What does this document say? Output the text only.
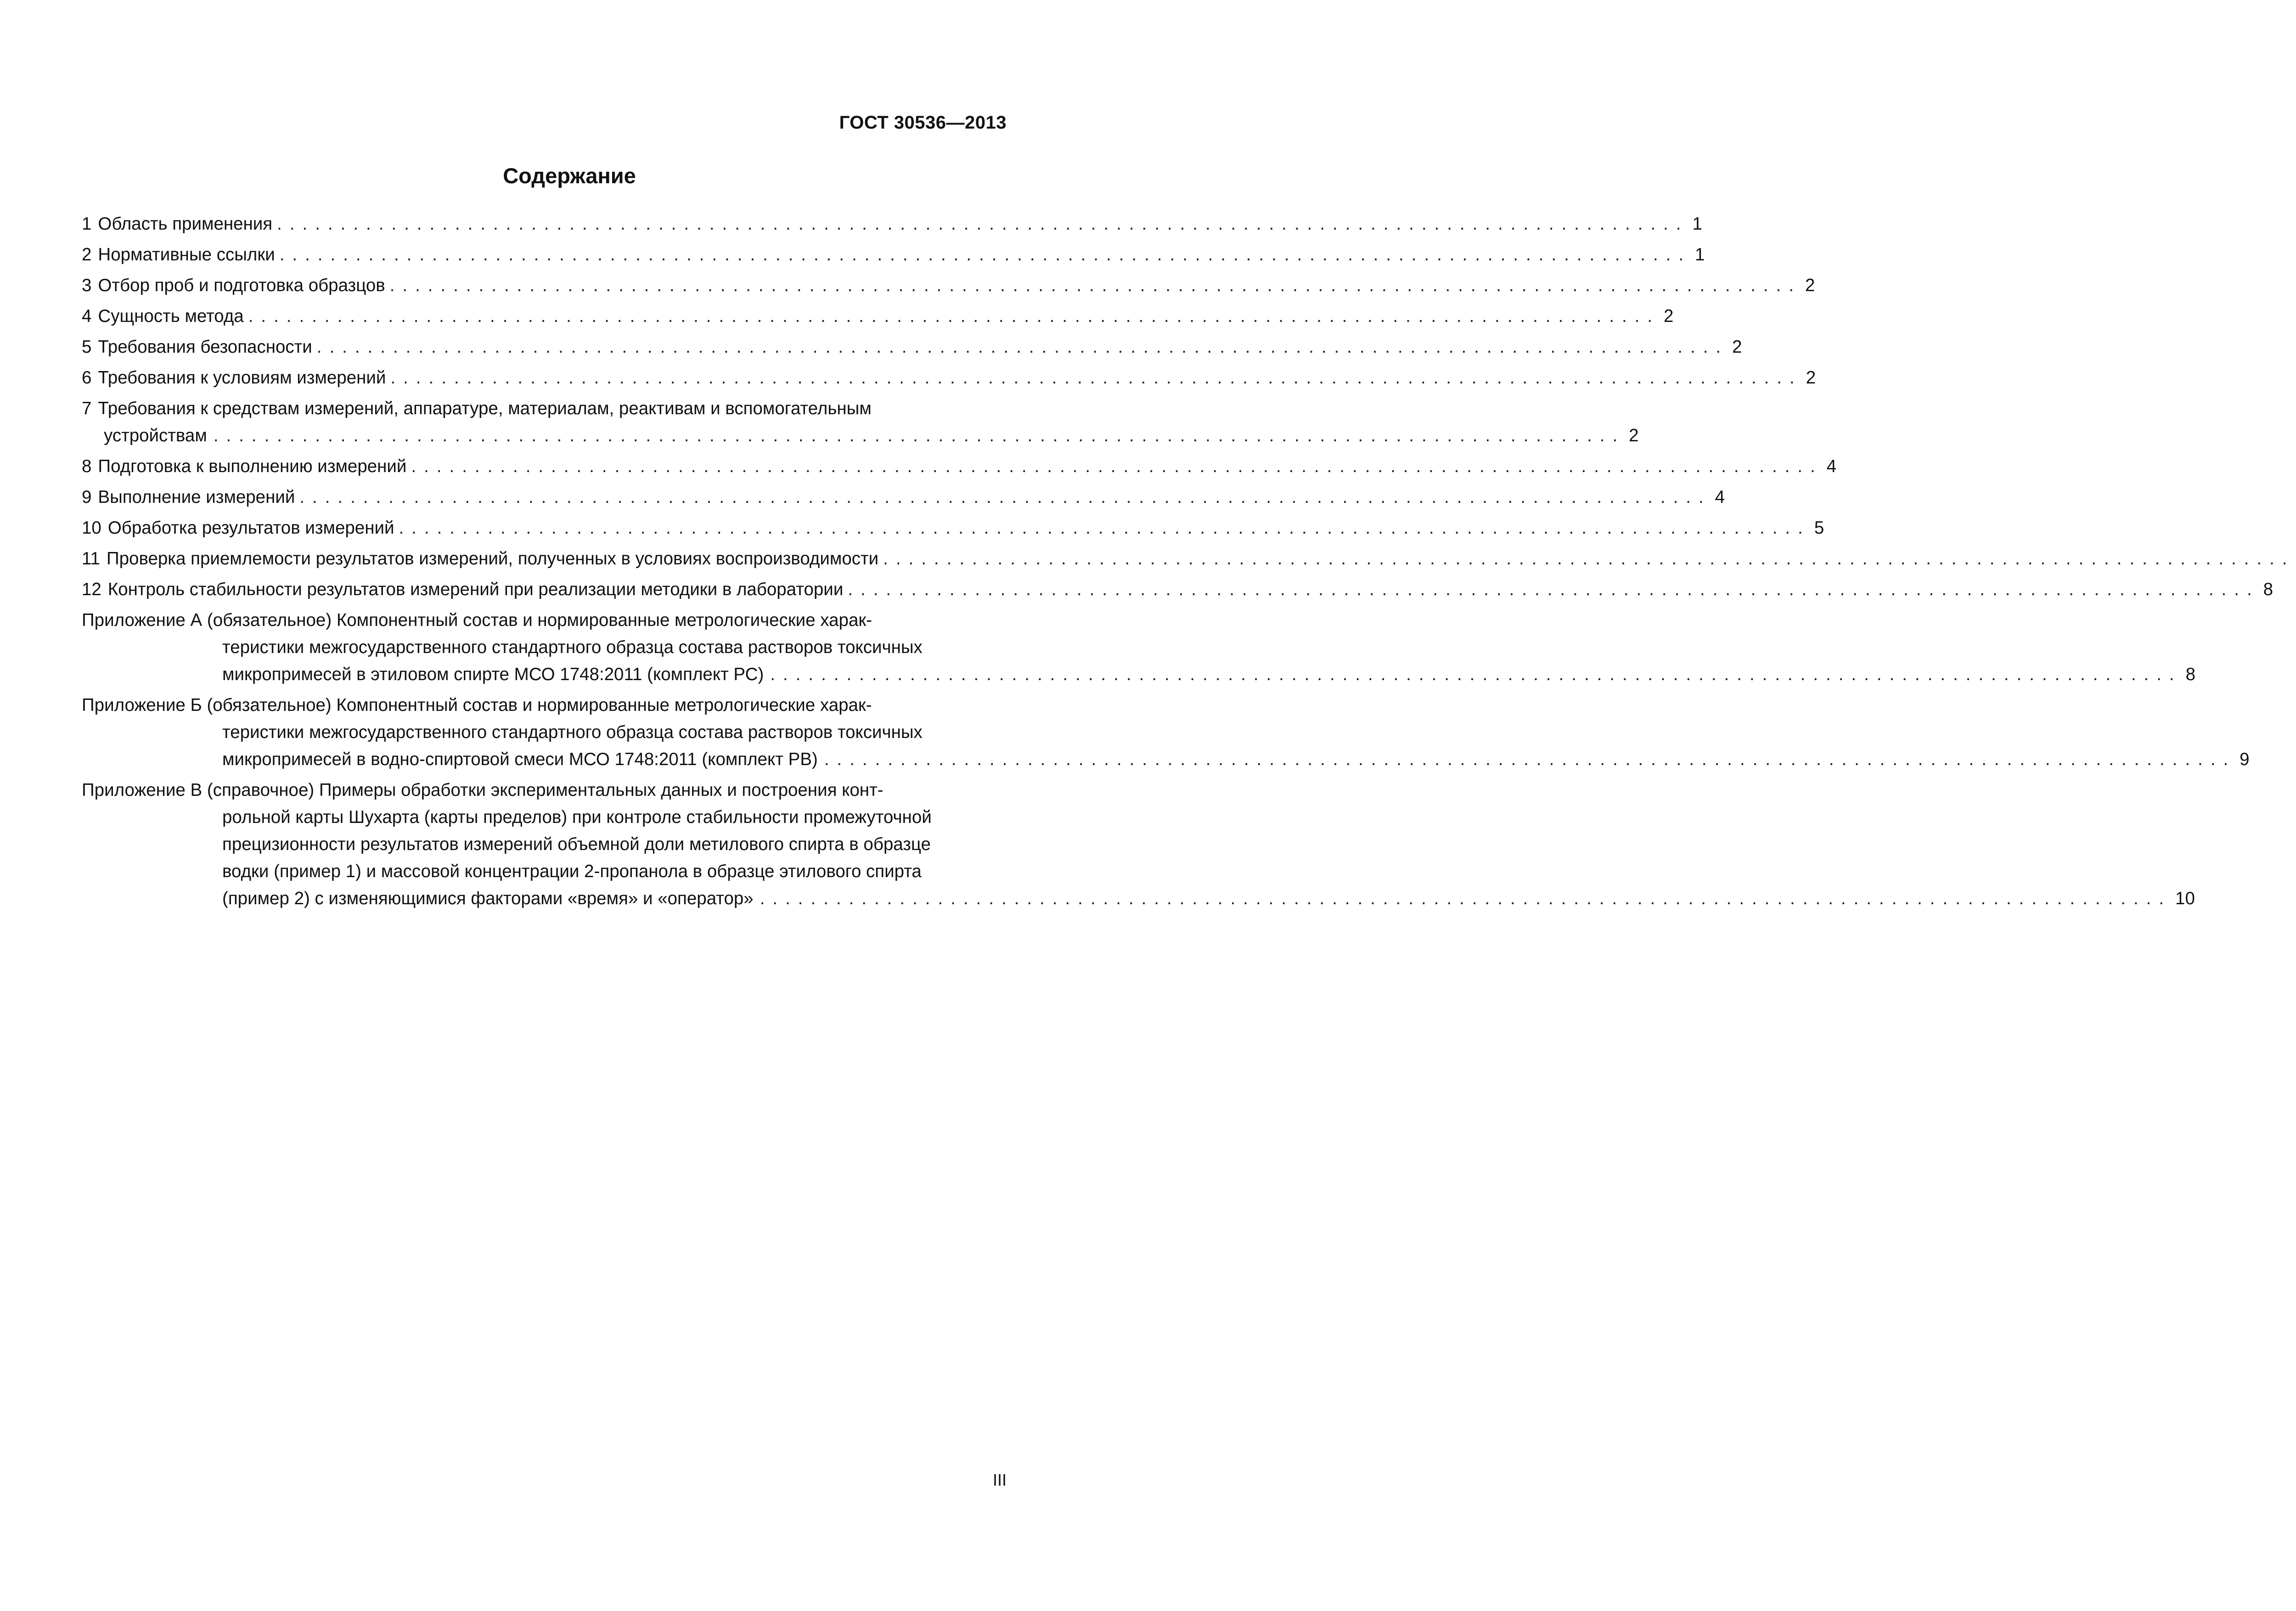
ГОСТ 30536—2013
Содержание
1 Область применения ............................................................................................................... 1
2 Нормативные ссылки ............................................................................................................... 1
3 Отбор проб и подготовка образцов ............................................................................................................... 2
4 Сущность метода ............................................................................................................... 2
5 Требования безопасности ............................................................................................................... 2
6 Требования к условиям измерений ............................................................................................................... 2
7 Требования к средствам измерений, аппаратуре, материалам, реактивам и вспомогательным
устройствам ............................................................................................................... 2
8 Подготовка к выполнению измерений ............................................................................................................... 4
9 Выполнение измерений ............................................................................................................... 4
10 Обработка результатов измерений ............................................................................................................... 5
11 Проверка приемлемости результатов измерений, полученных в условиях воспроизводимости ...............................................................................................................
12 Контроль стабильности результатов измерений при реализации методики в лаборатории ............................................................................................................... 8
Приложение А (обязательное) Компонентный состав и нормированные метрологические харак-
теристики межгосударственного стандартного образца состава растворов токсичных
микропримесей в этиловом спирте МСО 1748:2011 (комплект РС) ............................................................................................................... 8
Приложение Б (обязательное) Компонентный состав и нормированные метрологические харак-
теристики межгосударственного стандартного образца состава растворов токсичных
микропримесей в водно-спиртовой смеси МСО 1748:2011 (комплект РВ) ............................................................................................................... 9
Приложение В (справочное) Примеры обработки экспериментальных данных и построения конт-
рольной карты Шухарта (карты пределов) при контроле стабильности промежуточной
прецизионности результатов измерений объемной доли метилового спирта в образце
водки (пример 1) и массовой концентрации 2-пропанола в образце этилового спирта
(пример 2) с изменяющимися факторами «время» и «оператор» ............................................................................................................... 10
III
